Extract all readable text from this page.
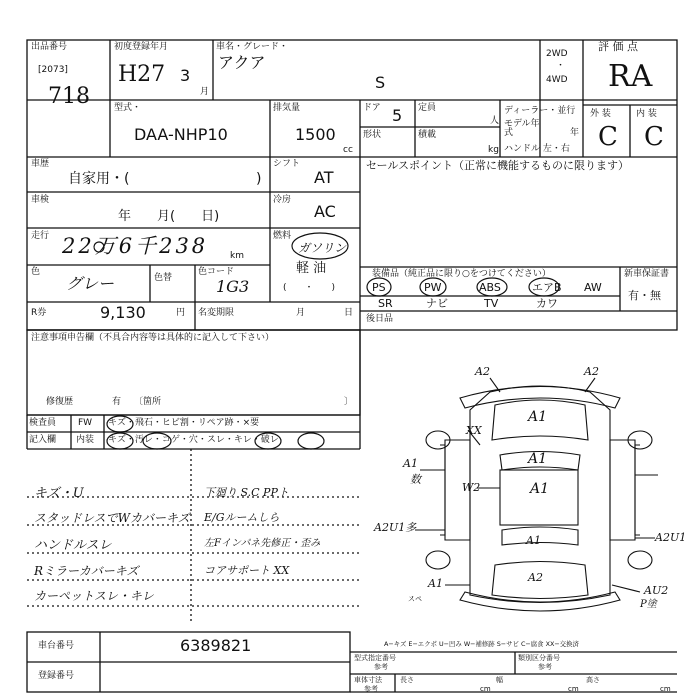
出品番号
[2073]
718
初度登録年月
H27 3
月
車名・グレード・
アクア
S
2WD
・
4WD
評 価 点
RA
外 装	内 装
C C
型式・
DAA-NHP10
排気量
1500
cc
ドア 5
形状
定員
人
積載
kg
ディーラー・並行
モデル年式	年
ハンドル 左・右
車歴
自家用・(	)
シフト
AT
車検
年　　月(　　日)
冷房
AC
走行 22万6千238 km
燃料
ガソリン
軽 油
(　　・　　)
色
グレー	色替
色コード
1G3
R券	9,130	円 名変期限	月	日
セールスポイント（正常に機能するものに限ります）
装備品（純正品に限り○をつけてください）
PS	PW	ABS	エアB AW
SR	ナビ	TV	カワ
新車保証書
有・無
後日品
注意事項申告欄（不具合内容等は具体的に記入して下さい）
修復歴	有 〔箇所	〕
検査員
記入欄
FW キズ・飛石・ヒビ割・リペア跡・×要
内装 キズ・汚レ・コゲ・穴・スレ・キレ・破レ
キズ・U
スタッドレスでWカバーキズ
ハンドルスレ
Rミラーカバーキズ
カーペットスレ・キレ
下廻り S.C PPト
E/Gルームしら
左Fインパネ先修正・歪み
コアサポート XX
A2	A2
A1
XX
A1
W2	A1
A1
数
A2U1多
A2U1
A1
A2
A1
AU2
P塗
スペ
車台番号	6389821
登録番号
A−キズ E−エクボ U−凹み W−補修跡 S−サビ C−腐食 XX−交換済
型式指定番号
参考
類別区分番号
参考
車体寸法
参考
長さ
cm
幅
cm
高さ
cm
